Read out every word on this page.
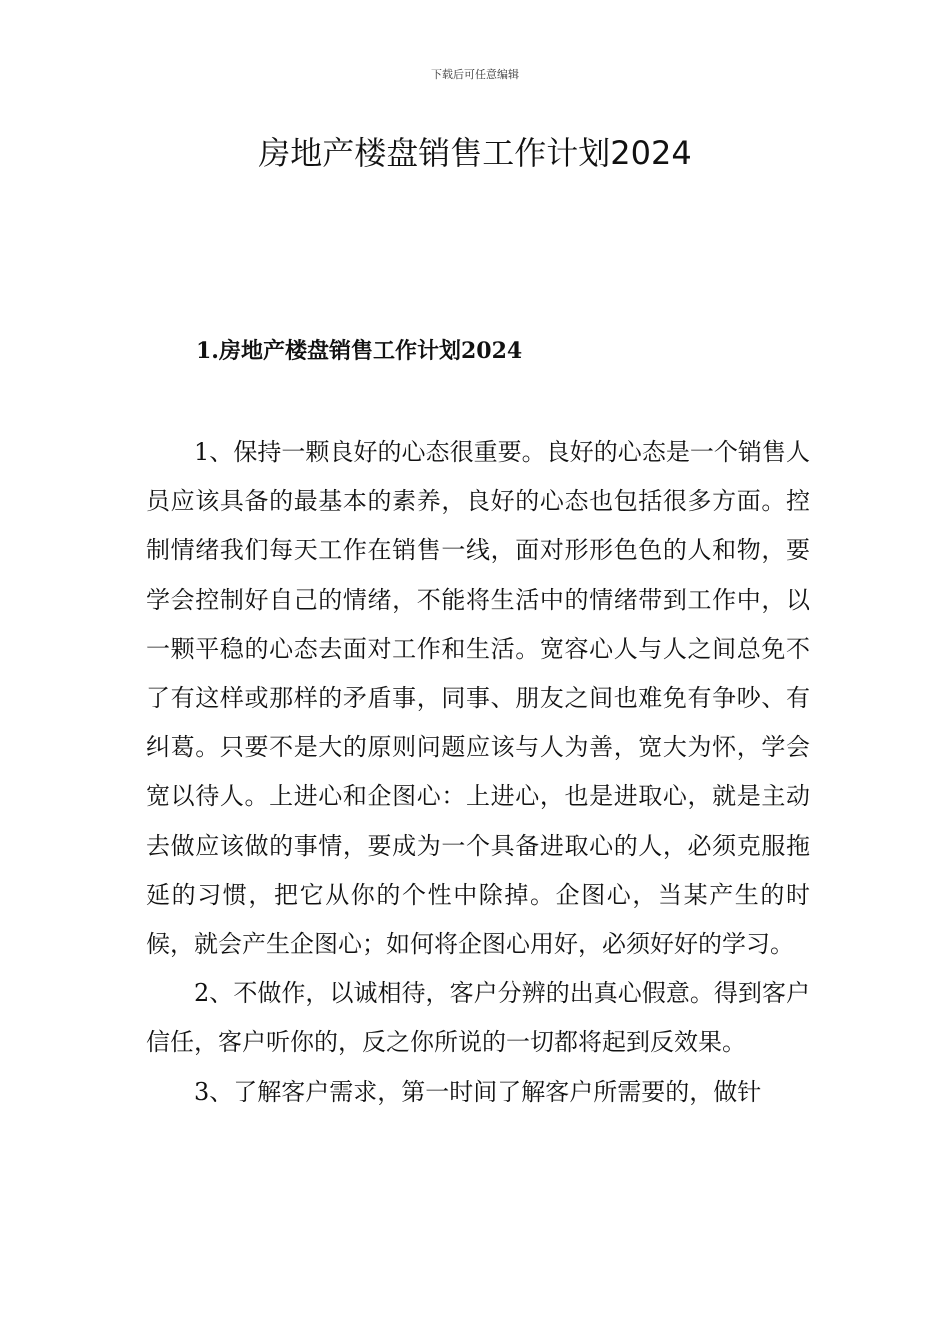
下载后可任意编辑
房地产楼盘销售工作计划2024
1.房地产楼盘销售工作计划2024

1、保持一颗良好的心态很重要。良好的心态是一个销售人员应该具备的最基本的素养，良好的心态也包括很多方面。控制情绪我们每天工作在销售一线，面对形形色色的人和物，要学会控制好自己的情绪，不能将生活中的情绪带到工作中，以一颗平稳的心态去面对工作和生活。宽容心人与人之间总免不了有这样或那样的矛盾事，同事、朋友之间也难免有争吵、有纠葛。只要不是大的原则问题应该与人为善，宽大为怀，学会宽以待人。上进心和企图心：上进心，也是进取心，就是主动去做应该做的事情，要成为一个具备进取心的人，必须克服拖延的习惯，把它从你的个性中除掉。企图心，当某产生的时候，就会产生企图心；如何将企图心用好，必须好好的学习。

2、不做作，以诚相待，客户分辨的出真心假意。得到客户信任，客户听你的，反之你所说的一切都将起到反效果。

3、了解客户需求，第一时间了解客户所需要的，做针
